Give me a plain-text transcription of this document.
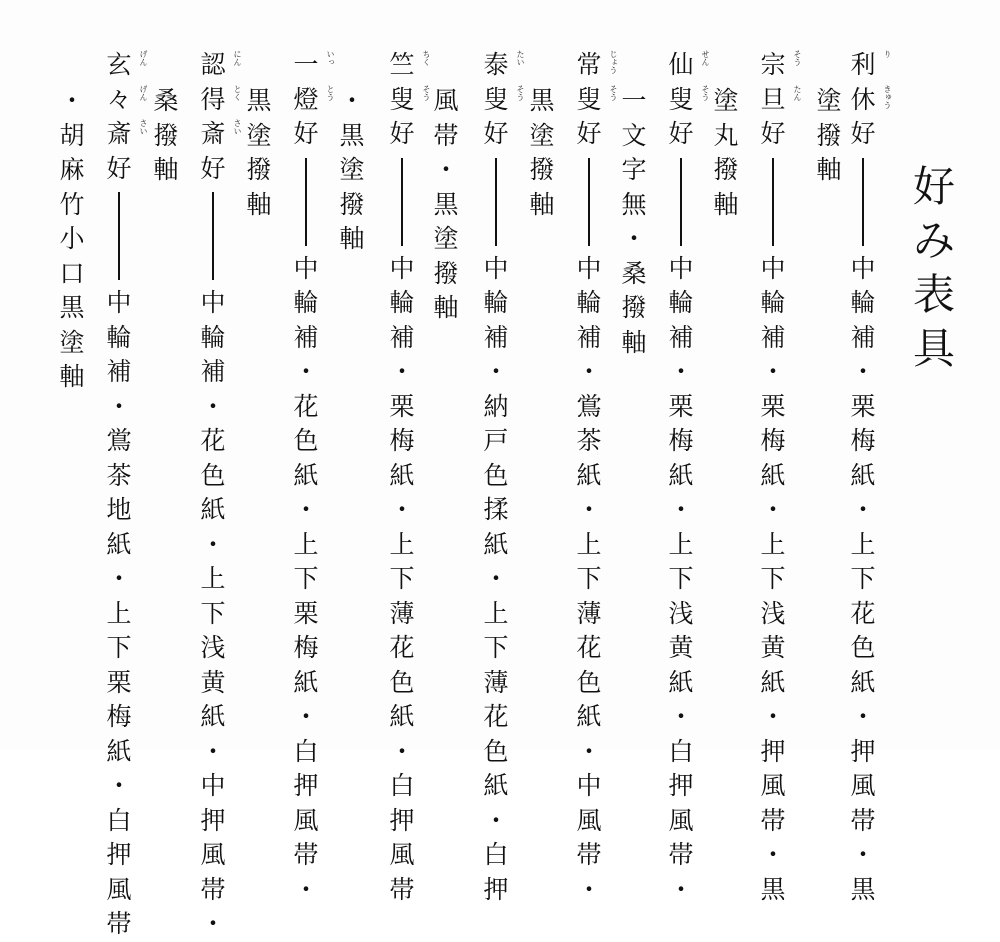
好
み
表
具
利 り
休 きゅう
好
中
輪
補
・
栗
梅
紙
・
上
下
花
色
紙
・
押
風
帯
・
黒
塗
撥
軸
宗 そう
旦 たん
好
中
輪
補
・
栗
梅
紙
・
上
下
浅
黄
紙
・
押
風
帯
・
黒
塗
丸
撥
軸
仙 せん
叟 そう
好
中
輪
補
・
栗
梅
紙
・
上
下
浅
黄
紙
・
白
押
風
帯
・
一
文
字
無
・
桑
撥
軸
常 じょう
叟 そう
好
中
輪
補
・
鴬
茶
紙
・
上
下
薄
花
色
紙
・
中
風
帯
・
黒
塗
撥
軸
泰 たい
叟 そう
好
中
輪
補
・
納
戸
色
揉
紙
・
上
下
薄
花
色
紙
・
白
押
風
帯
・
黒
塗
撥
軸
竺 ちく
叟 そう
好
中
輪
補
・
栗
梅
紙
・
上
下
薄
花
色
紙
・
白
押
風
帯
・
黒
塗
撥
軸
一 いっ
燈 とう
好
中
輪
補
・
花
色
紙
・
上
下
栗
梅
紙
・
白
押
風
帯
・
黒
塗
撥
軸
認 にん
得 とく
斎 さい
好
中
輪
補
・
花
色
紙
・
上
下
浅
黄
紙
・
中
押
風
帯
・
桑
撥
軸
玄 げん
々 げん
斎 さい
好
中
輪
補
・
鴬
茶
地
紙
・
上
下
栗
梅
紙
・
白
押
風
帯
・
胡
麻
竹
小
口
黒
塗
軸
